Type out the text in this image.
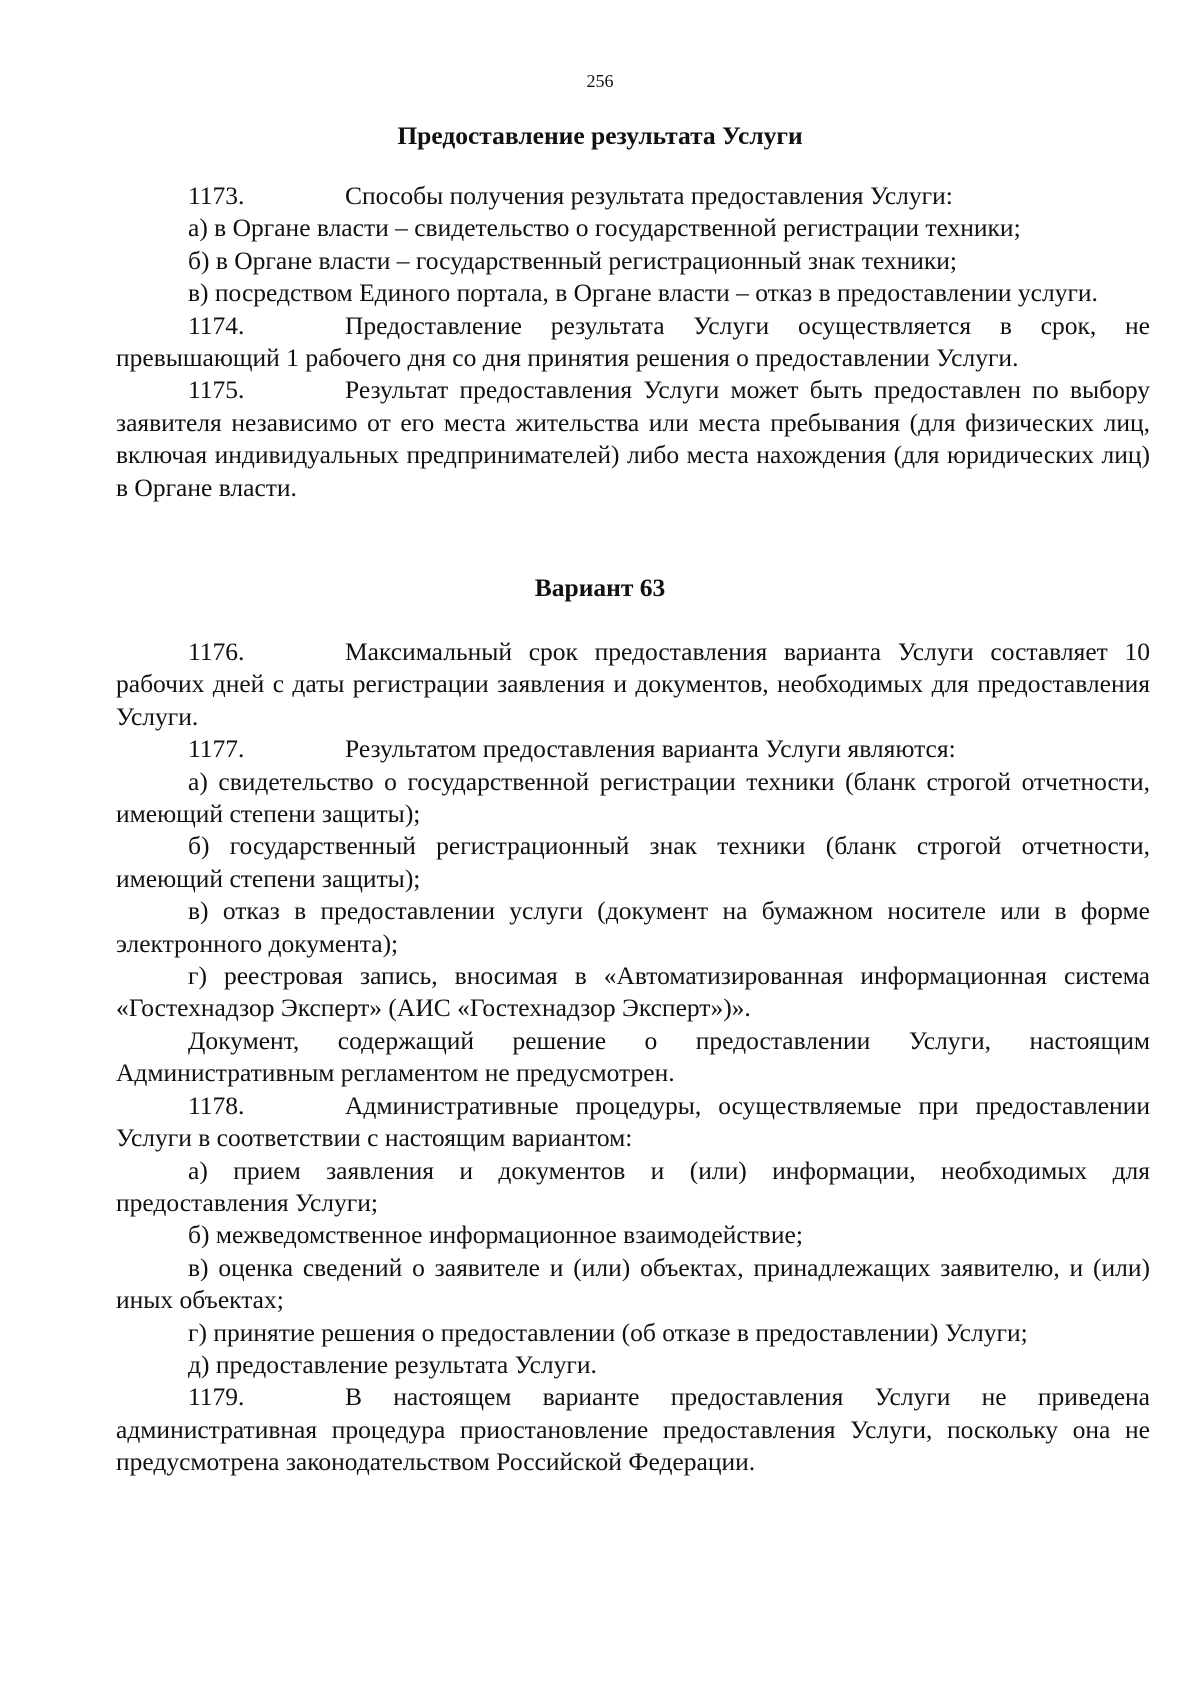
256
Предоставление результата Услуги

1173.	Способы получения результата предоставления Услуги:

а) в Органе власти – свидетельство о государственной регистрации техники;

б) в Органе власти – государственный регистрационный знак техники;

в) посредством Единого портала, в Органе власти – отказ в предоставлении услуги.

1174.	Предоставление результата Услуги осуществляется в срок, не превышающий 1 рабочего дня со дня принятия решения о предоставлении Услуги.

1175.	Результат предоставления Услуги может быть предоставлен по выбору заявителя независимо от его места жительства или места пребывания (для физических лиц, включая индивидуальных предпринимателей) либо места нахождения (для юридических лиц) в Органе власти.

Вариант 63

1176.	Максимальный срок предоставления варианта Услуги составляет 10 рабочих дней с даты регистрации заявления и документов, необходимых для предоставления Услуги.

1177.	Результатом предоставления варианта Услуги являются:

а) свидетельство о государственной регистрации техники (бланк строгой отчетности, имеющий степени защиты);

б) государственный регистрационный знак техники (бланк строгой отчетности, имеющий степени защиты);

в) отказ в предоставлении услуги (документ на бумажном носителе или в форме электронного документа);

г) реестровая запись, вносимая в «Автоматизированная информационная система «Гостехнадзор Эксперт» (АИС «Гостехнадзор Эксперт»)».

Документ, содержащий решение о предоставлении Услуги, настоящим Административным регламентом не предусмотрен.

1178.	Административные процедуры, осуществляемые при предоставлении Услуги в соответствии с настоящим вариантом:

а) прием заявления и документов и (или) информации, необходимых для предоставления Услуги;

б) межведомственное информационное взаимодействие;

в) оценка сведений о заявителе и (или) объектах, принадлежащих заявителю, и (или) иных объектах;

г) принятие решения о предоставлении (об отказе в предоставлении) Услуги;

д) предоставление результата Услуги.

1179.	В настоящем варианте предоставления Услуги не приведена административная процедура приостановление предоставления Услуги, поскольку она не предусмотрена законодательством Российской Федерации.
